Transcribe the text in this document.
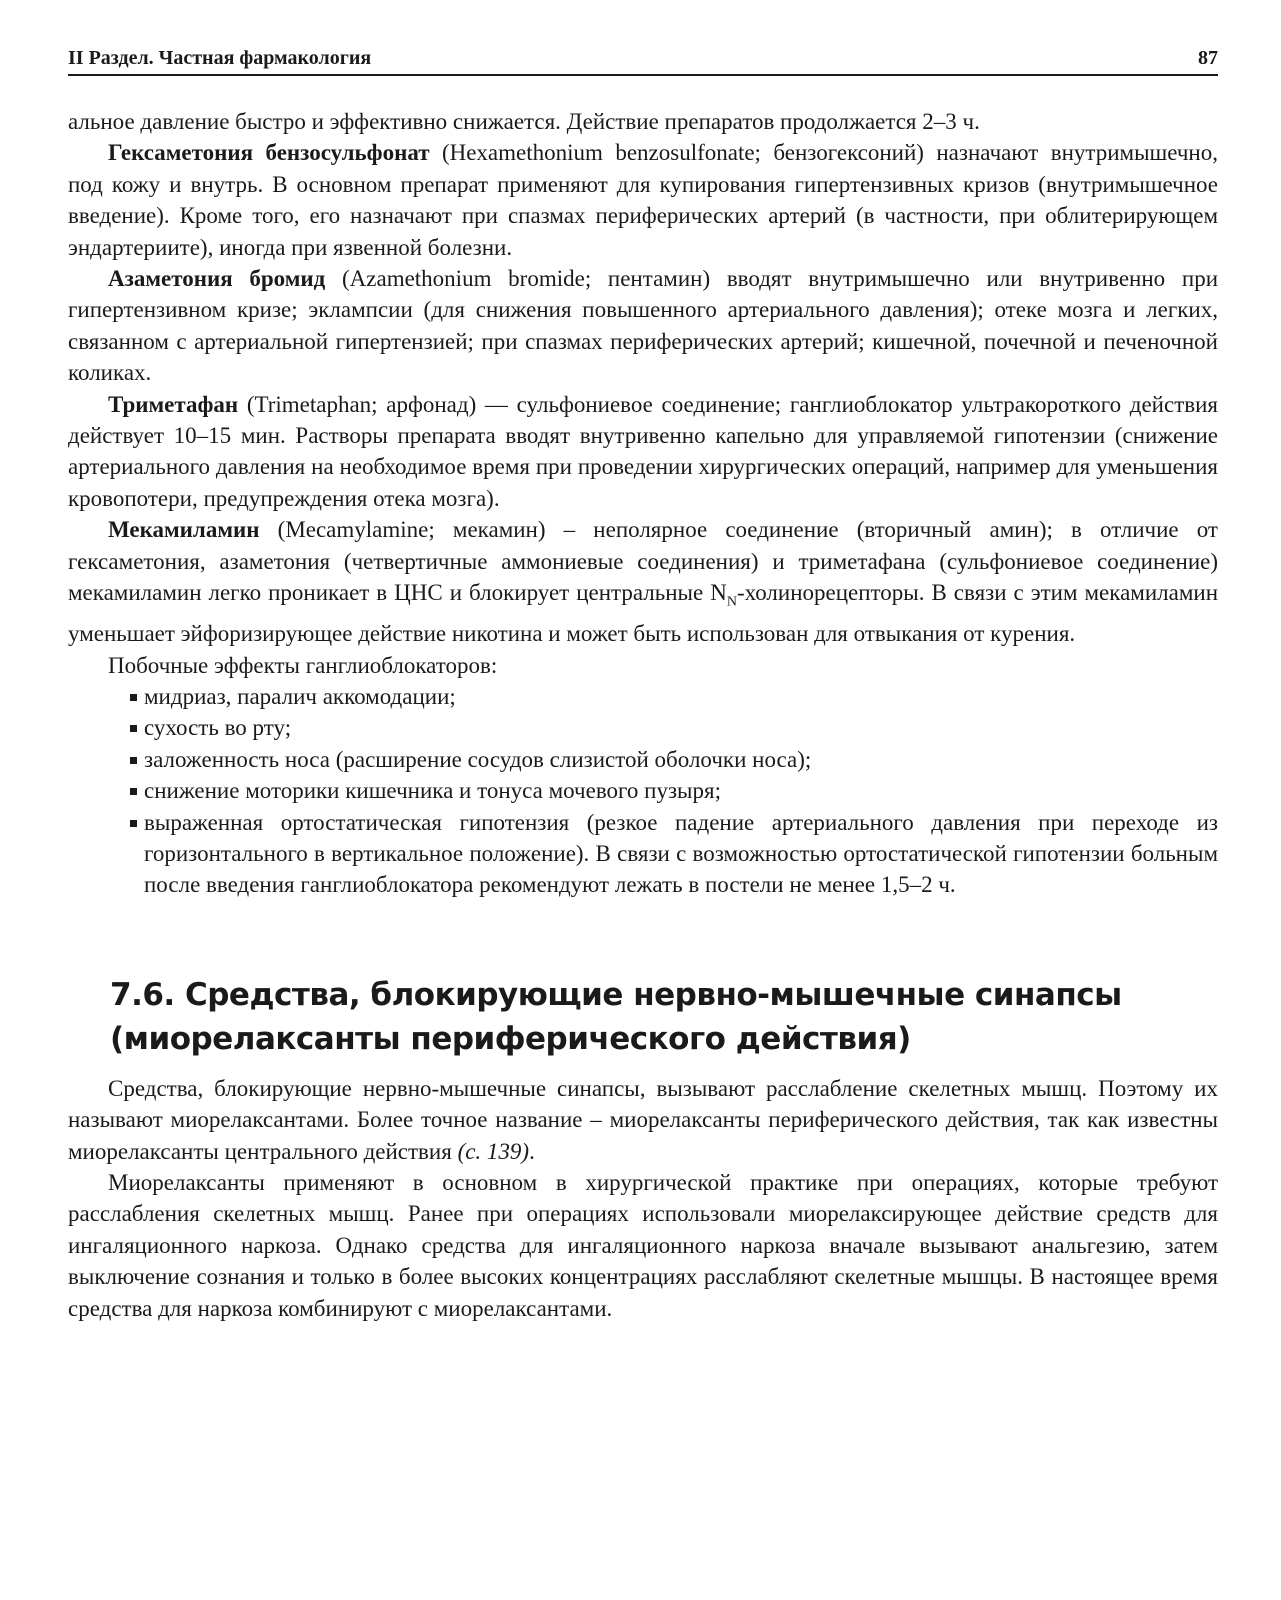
II Раздел. Частная фармакология	87

альное давление быстро и эффективно снижается. Действие препаратов продолжается 2–3 ч.

Гексаметония бензосульфонат (Hexamethonium benzosulfonate; бензогексоний) назначают внутримышечно, под кожу и внутрь. В основном препарат применяют для купирования гипертензивных кризов (внутримышечное введение). Кроме того, его назначают при спазмах периферических артерий (в частности, при облитерирующем эндартериите), иногда при язвенной болезни.

Азаметония бромид (Azamethonium bromide; пентамин) вводят внутримышечно или внутривенно при гипертензивном кризе; эклампсии (для снижения повышенного артериального давления); отеке мозга и легких, связанном с артериальной гипертензией; при спазмах периферических артерий; кишечной, почечной и печеночной коликах.

Триметафан (Trimetaphan; арфонад) — сульфониевое соединение; ганглиоблокатор ультракороткого действия действует 10–15 мин. Растворы препарата вводят внутривенно капельно для управляемой гипотензии (снижение артериального давления на необходимое время при проведении хирургических операций, например для уменьшения кровопотери, предупреждения отека мозга).

Мекамиламин (Mecamylamine; мекамин) – неполярное соединение (вторичный амин); в отличие от гексаметония, азаметония (четвертичные аммониевые соединения) и триметафана (сульфониевое соединение) мекамиламин легко проникает в ЦНС и блокирует центральные $N_N$-холинорецепторы. В связи с этим мекамиламин уменьшает эйфоризирующее действие никотина и может быть использован для отвыкания от курения.

Побочные эффекты ганглиоблокаторов:

мидриаз, паралич аккомодации;
сухость во рту;
заложенность носа (расширение сосудов слизистой оболочки носа);
снижение моторики кишечника и тонуса мочевого пузыря;
выраженная ортостатическая гипотензия (резкое падение артериального давления при переходе из горизонтального в вертикальное положение). В связи с возможностью ортостатической гипотензии больным после введения ганглиоблокатора рекомендуют лежать в постели не менее 1,5–2 ч.
7.6. Средства, блокирующие нервно-мышечные синапсы
(миорелаксанты периферического действия)

Средства, блокирующие нервно-мышечные синапсы, вызывают расслабление скелетных мышц. Поэтому их называют миорелаксантами. Более точное название – миорелаксанты периферического действия, так как известны миорелаксанты центрального действия (с. 139).

Миорелаксанты применяют в основном в хирургической практике при операциях, которые требуют расслабления скелетных мышц. Ранее при операциях использовали миорелаксирующее действие средств для ингаляционного наркоза. Однако средства для ингаляционного наркоза вначале вызывают анальгезию, затем выключение сознания и только в более высоких концентрациях расслабляют скелетные мышцы. В настоящее время средства для наркоза комбинируют с миорелаксантами.
